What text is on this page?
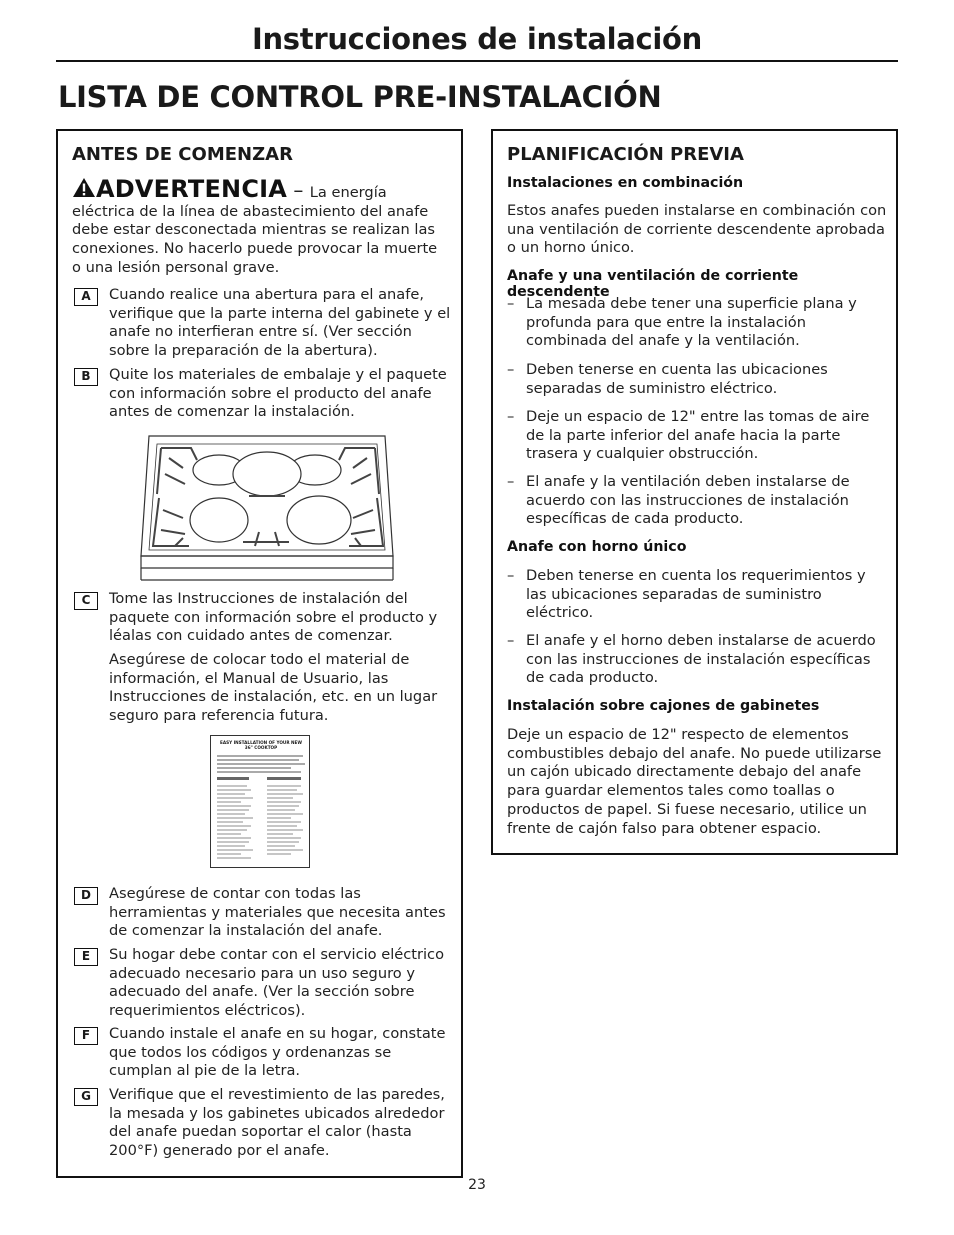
Instrucciones de instalación
LISTA DE CONTROL PRE-INSTALACIÓN
ANTES DE COMENZAR
ADVERTENCIA – La energía eléctrica de la línea de abastecimiento del anafe debe estar desconectada mientras se realizan las conexiones. No hacerlo puede provocar la muerte o una lesión personal grave.
A	Cuando realice una abertura para el anafe, verifique que la parte interna del gabinete y el anafe no interfieran entre sí. (Ver sección sobre la preparación de la abertura).
B	Quite los materiales de embalaje y el paquete con información sobre el producto del anafe antes de comenzar la instalación.
C	Tome las Instrucciones de instalación del paquete con información sobre el producto y léalas con cuidado antes de comenzar.
Asegúrese de colocar todo el material de información, el Manual de Usuario, las Instrucciones de instalación, etc. en un lugar seguro para referencia futura.
EASY INSTALLATION OF YOUR NEW
36" COOKTOP
D	Asegúrese de contar con todas las herramientas y materiales que necesita antes de comenzar la instalación del anafe.
E	Su hogar debe contar con el servicio eléctrico adecuado necesario para un uso seguro y adecuado del anafe. (Ver la sección sobre requerimientos eléctricos).
F	Cuando instale el anafe en su hogar, constate que todos los códigos y ordenanzas se cumplan al pie de la letra.
G	Verifique que el revestimiento de las paredes, la mesada y los gabinetes ubicados alrededor del anafe puedan soportar el calor (hasta 200°F) generado por el anafe.
PLANIFICACIÓN PREVIA
Instalaciones en combinación
Estos anafes pueden instalarse en combinación con una ventilación de corriente descendente aprobada o un horno único.
Anafe y una ventilación de corriente descendente
– La mesada debe tener una superficie plana y profunda para que entre la instalación combinada del anafe y la ventilación.
– Deben tenerse en cuenta las ubicaciones separadas de suministro eléctrico.
– Deje un espacio de 12" entre las tomas de aire de la parte inferior del anafe hacia la parte trasera y cualquier obstrucción.
– El anafe y la ventilación deben instalarse de acuerdo con las instrucciones de instalación específicas de cada producto.
Anafe con horno único
– Deben tenerse en cuenta los requerimientos y las ubicaciones separadas de suministro eléctrico.
– El anafe y el horno deben instalarse de acuerdo con las instrucciones de instalación específicas de cada producto.
Instalación sobre cajones de gabinetes
Deje un espacio de 12" respecto de elementos combustibles debajo del anafe. No puede utilizarse un cajón ubicado directamente debajo del anafe para guardar elementos tales como toallas o productos de papel. Si fuese necesario, utilice un frente de cajón falso para obtener espacio.
23
